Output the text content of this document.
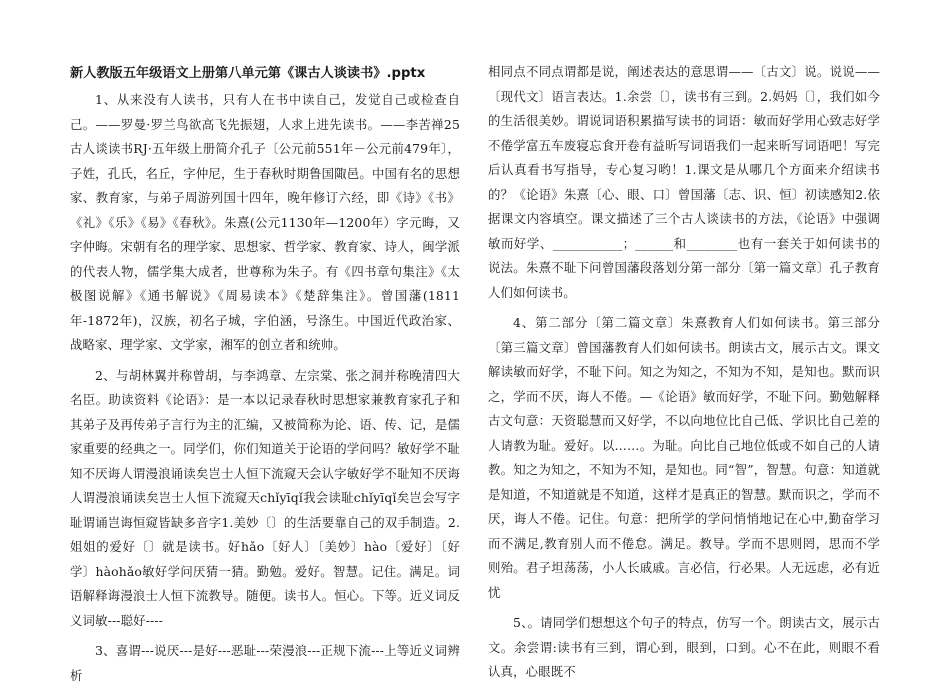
新人教版五年级语文上册第八单元第《课古人谈读书》.pptx

1、从来没有人读书，只有人在书中读自己，发觉自己或检查自己。——罗曼·罗兰鸟欲高飞先振翅，人求上进先读书。——李苦禅25古人谈读书RJ·五年级上册简介孔子〔公元前551年－公元前479年〕，子姓，孔氏，名丘，字仲尼，生于春秋时期鲁国陬邑。中国有名的思想家、教育家，与弟子周游列国十四年，晚年修订六经，即《诗》《书》《礼》《乐》《易》《春秋》。朱熹(公元1130年—1200年）字元晦，又字仲晦。宋朝有名的理学家、思想家、哲学家、教育家、诗人，闽学派的代表人物，儒学集大成者，世尊称为朱子。有《四书章句集注》《太极图说解》《通书解说》《周易读本》《楚辞集注》。曾国藩(1811年-1872年)，汉族，初名子城，字伯涵，号涤生。中国近代政治家、战略家、理学家、文学家，湘军的创立者和统帅。

2、与胡林翼并称曾胡，与李鸿章、左宗棠、张之洞并称晚清四大名臣。助读资料《论语》：是一本以记录春秋时思想家兼教育家孔子和其弟子及再传弟子言行为主的汇编，又被简称为论、语、传、记，是儒家重要的经典之一。同学们，你们知道关于论语的学问吗？敏好学不耻知不厌诲人谓漫浪诵读矣岂士人恒下流窥天会认字敏好学不耻知不厌诲人谓漫浪诵读矣岂士人恒下流窥天chǐyīqǐ我会读耻chǐyīqǐ矣岂会写字耻谓诵岂诲恒窥皆缺多音字1.美妙〔〕的生活要靠自己的双手制造。2.姐姐的爱好〔〕就是读书。好hǎo〔好人〕〔美妙〕hào〔爱好〕〔好学〕hàohǎo敏好学问厌猜一猜。勤勉。爱好。智慧。记住。满足。词语解释诲漫浪士人恒下流教导。随便。读书人。恒心。下等。近义词反义词敏---聪好----

3、喜谓---说厌---是好---恶耻---荣漫浪---正规下流---上等近义词辨析

相同点不同点谓都是说，阐述表达的意思谓——〔古文〕说。说说——〔现代文〕语言表达。1.余尝〔〕，读书有三到。2.妈妈〔〕，我们如今的生活很美妙。谓说词语积累描写读书的词语：敏而好学用心致志好学不倦学富五车废寝忘食开卷有益昕写词语我们一起来昕写词语吧！写完后认真看书写指导，专心复习哟！1.课文是从哪几个方面来介绍读书的？《论语》朱熹〔心、眼、口〕曾国藩〔志、识、恒〕初读感知2.依据课文内容填空。课文描述了三个古人谈读书的方法，《论语》中强调敏而好学、___________；______和________也有一套关于如何读书的说法。朱熹不耻下问曾国藩段落划分第一部分〔第一篇文章〕孔子教育人们如何读书。

4、第二部分〔第二篇文章〕朱熹教育人们如何读书。第三部分〔第三篇文章〕曾国藩教育人们如何读书。朗读古文，展示古文。课文解读敏而好学，不耻下问。知之为知之，不知为不知，是知也。默而识之，学而不厌，诲人不倦。—《论语》敏而好学，不耻下问。勤勉解释古文句意：天资聪慧而又好学，不以向地位比自己低、学识比自己差的人请教为耻。爱好。以……。为耻。向比自己地位低或不如自己的人请教。知之为知之，不知为不知，是知也。同“智”，智慧。句意：知道就是知道，不知道就是不知道，这样才是真正的智慧。默而识之，学而不厌，诲人不倦。记住。句意：把所学的学问悄悄地记在心中,勤奋学习而不满足,教育别人而不倦怠。满足。教导。学而不思则罔，思而不学则殆。君子坦荡荡，小人长戚戚。言必信，行必果。人无远虑，必有近忧

5、。请同学们想想这个句子的特点，仿写一个。朗读古文，展示古文。余尝谓:读书有三到，谓心到，眼到，口到。心不在此，则眼不看认真，心眼既不
